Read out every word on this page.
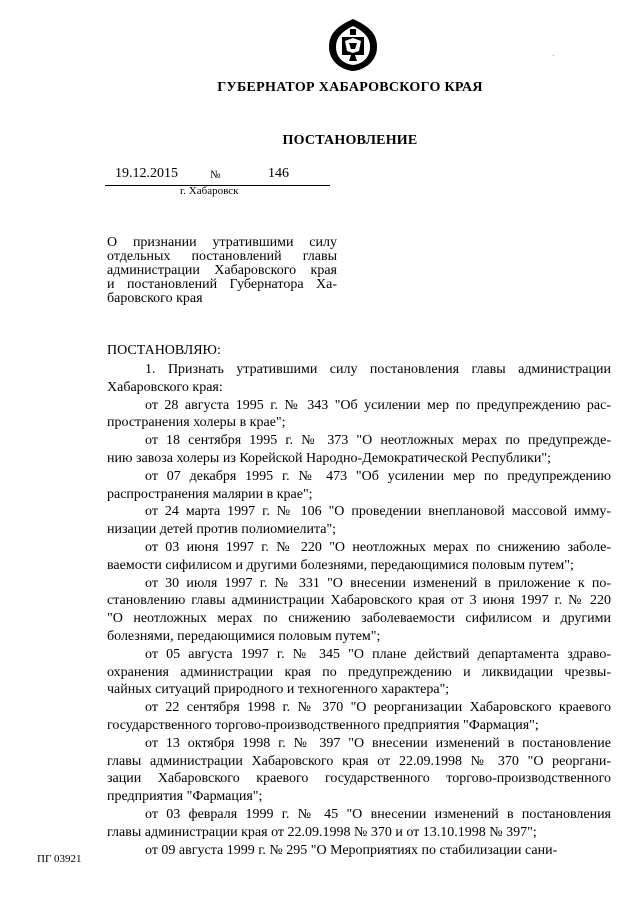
ГУБЕРНАТОР ХАБАРОВСКОГО КРАЯ
ПОСТАНОВЛЕНИЕ
19.12.2015	№	146
г. Хабаровск
О признании утратившими силу
отдельных постановлений главы
администрации Хабаровского края
и постановлений Губернатора Ха-
баровского края
ПОСТАНОВЛЯЮ:
1. Признать утратившими силу постановления главы администрации
Хабаровского края:
от 28 августа 1995 г. № 343 "Об усилении мер по предупреждению рас-
пространения холеры в крае";
от 18 сентября 1995 г. № 373 "О неотложных мерах по предупрежде-
нию завоза холеры из Корейской Народно-Демократической Республики";
от 07 декабря 1995 г. № 473 "Об усилении мер по предупреждению
распространения малярии в крае";
от 24 марта 1997 г. № 106 "О проведении внеплановой массовой имму-
низации детей против полиомиелита";
от 03 июня 1997 г. № 220 "О неотложных мерах по снижению заболе-
ваемости сифилисом и другими болезнями, передающимися половым путем";
от 30 июля 1997 г. № 331 "О внесении изменений в приложение к по-
становлению главы администрации Хабаровского края от 3 июня 1997 г. № 220
"О неотложных мерах по снижению заболеваемости сифилисом и другими
болезнями, передающимися половым путем";
от 05 августа 1997 г. № 345 "О плане действий департамента здраво-
охранения администрации края по предупреждению и ликвидации чрезвы-
чайных ситуаций природного и техногенного характера";
от 22 сентября 1998 г. № 370 "О реорганизации Хабаровского краевого
государственного торгово-производственного предприятия "Фармация";
от 13 октября 1998 г. № 397 "О внесении изменений в постановление
главы администрации Хабаровского края от 22.09.1998 № 370 "О реоргани-
зации Хабаровского краевого государственного торгово-производственного
предприятия "Фармация";
от 03 февраля 1999 г. № 45 "О внесении изменений в постановления
главы администрации края от 22.09.1998 № 370 и от 13.10.1998 № 397";
от 09 августа 1999 г. № 295 "О Мероприятиях по стабилизации сани-
ПГ 03921
